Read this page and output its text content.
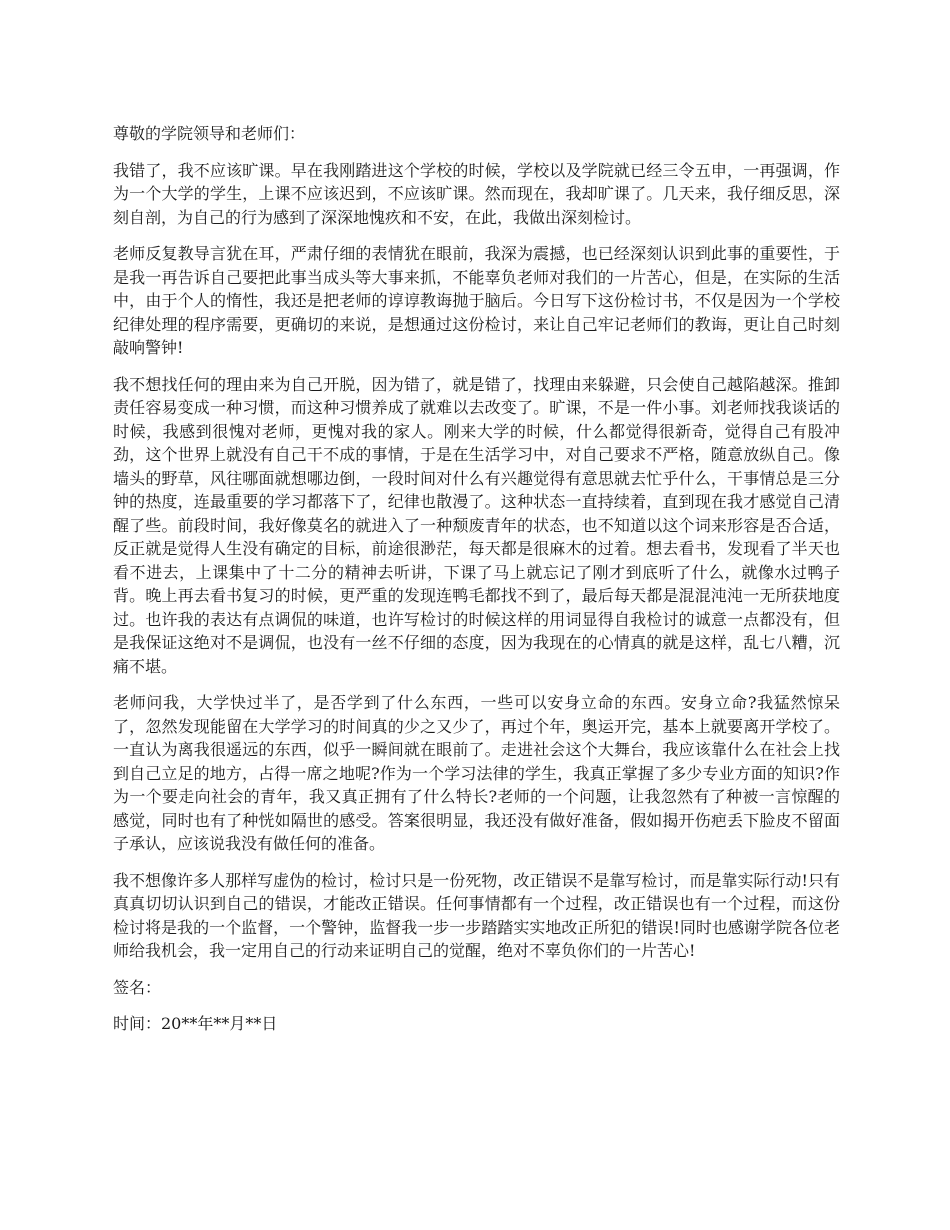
尊敬的学院领导和老师们：

我错了，我不应该旷课。早在我刚踏进这个学校的时候，学校以及学院就已经三令五申，一再强调，作为一个大学的学生，上课不应该迟到，不应该旷课。然而现在，我却旷课了。几天来，我仔细反思，深刻自剖，为自己的行为感到了深深地愧疚和不安，在此，我做出深刻检讨。

老师反复教导言犹在耳，严肃仔细的表情犹在眼前，我深为震撼，也已经深刻认识到此事的重要性，于是我一再告诉自己要把此事当成头等大事来抓，不能辜负老师对我们的一片苦心，但是，在实际的生活中，由于个人的惰性，我还是把老师的谆谆教诲抛于脑后。今日写下这份检讨书，不仅是因为一个学校纪律处理的程序需要，更确切的来说，是想通过这份检讨，来让自己牢记老师们的教诲，更让自己时刻敲响警钟!

我不想找任何的理由来为自己开脱，因为错了，就是错了，找理由来躲避，只会使自己越陷越深。推卸责任容易变成一种习惯，而这种习惯养成了就难以去改变了。旷课，不是一件小事。刘老师找我谈话的时候，我感到很愧对老师，更愧对我的家人。刚来大学的时候，什么都觉得很新奇，觉得自己有股冲劲，这个世界上就没有自己干不成的事情，于是在生活学习中，对自己要求不严格，随意放纵自己。像墙头的野草，风往哪面就想哪边倒，一段时间对什么有兴趣觉得有意思就去忙乎什么，干事情总是三分钟的热度，连最重要的学习都落下了，纪律也散漫了。这种状态一直持续着，直到现在我才感觉自己清醒了些。前段时间，我好像莫名的就进入了一种颓废青年的状态，也不知道以这个词来形容是否合适，反正就是觉得人生没有确定的目标，前途很渺茫，每天都是很麻木的过着。想去看书，发现看了半天也看不进去，上课集中了十二分的精神去听讲，下课了马上就忘记了刚才到底听了什么，就像水过鸭子背。晚上再去看书复习的时候，更严重的发现连鸭毛都找不到了，最后每天都是混混沌沌一无所获地度过。也许我的表达有点调侃的味道，也许写检讨的时候这样的用词显得自我检讨的诚意一点都没有，但是我保证这绝对不是调侃，也没有一丝不仔细的态度，因为我现在的心情真的就是这样，乱七八糟，沉痛不堪。

老师问我，大学快过半了，是否学到了什么东西，一些可以安身立命的东西。安身立命?我猛然惊呆了，忽然发现能留在大学学习的时间真的少之又少了，再过个年，奥运开完，基本上就要离开学校了。一直认为离我很遥远的东西，似乎一瞬间就在眼前了。走进社会这个大舞台，我应该靠什么在社会上找到自己立足的地方，占得一席之地呢?作为一个学习法律的学生，我真正掌握了多少专业方面的知识?作为一个要走向社会的青年，我又真正拥有了什么特长?老师的一个问题，让我忽然有了种被一言惊醒的感觉，同时也有了种恍如隔世的感受。答案很明显，我还没有做好准备，假如揭开伤疤丢下脸皮不留面子承认，应该说我没有做任何的准备。

我不想像许多人那样写虚伪的检讨，检讨只是一份死物，改正错误不是靠写检讨，而是靠实际行动!只有真真切切认识到自己的错误，才能改正错误。任何事情都有一个过程，改正错误也有一个过程，而这份检讨将是我的一个监督，一个警钟，监督我一步一步踏踏实实地改正所犯的错误!同时也感谢学院各位老师给我机会，我一定用自己的行动来证明自己的觉醒，绝对不辜负你们的一片苦心!

签名：

时间：20**年**月**日
